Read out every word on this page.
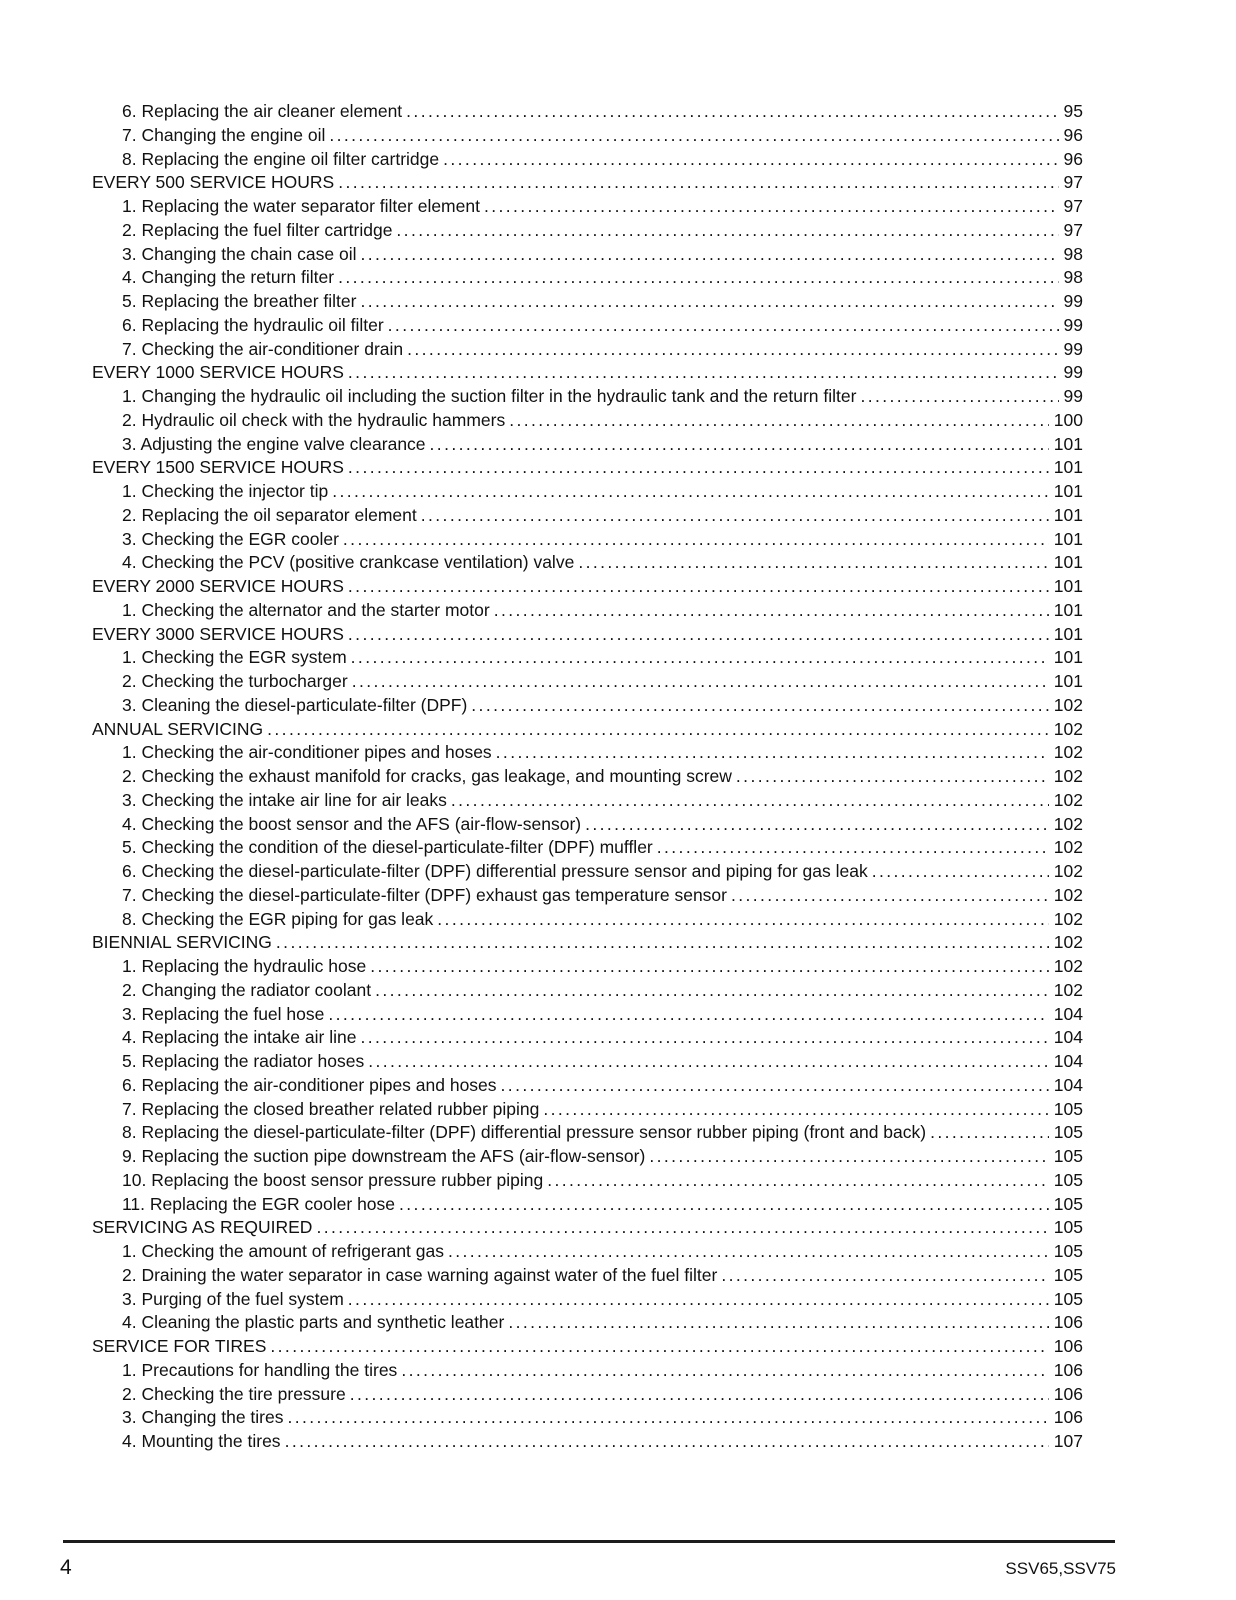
6. Replacing the air cleaner element .....	95
7. Changing the engine oil .....	96
8. Replacing the engine oil filter cartridge .....	96
EVERY 500 SERVICE HOURS .....	97
1. Replacing the water separator filter element .....	97
2. Replacing the fuel filter cartridge .....	97
3. Changing the chain case oil .....	98
4. Changing the return filter .....	98
5. Replacing the breather filter .....	99
6. Replacing the hydraulic oil filter .....	99
7. Checking the air-conditioner drain .....	99
EVERY 1000 SERVICE HOURS .....	99
1. Changing the hydraulic oil including the suction filter in the hydraulic tank and the return filter .....	99
2. Hydraulic oil check with the hydraulic hammers .....	100
3. Adjusting the engine valve clearance .....	101
EVERY 1500 SERVICE HOURS .....	101
1. Checking the injector tip .....	101
2. Replacing the oil separator element .....	101
3. Checking the EGR cooler .....	101
4. Checking the PCV (positive crankcase ventilation) valve .....	101
EVERY 2000 SERVICE HOURS .....	101
1. Checking the alternator and the starter motor .....	101
EVERY 3000 SERVICE HOURS .....	101
1. Checking the EGR system .....	101
2. Checking the turbocharger .....	101
3. Cleaning the diesel-particulate-filter (DPF) .....	102
ANNUAL SERVICING .....	102
1. Checking the air-conditioner pipes and hoses .....	102
2. Checking the exhaust manifold for cracks, gas leakage, and mounting screw .....	102
3. Checking the intake air line for air leaks .....	102
4. Checking the boost sensor and the AFS (air-flow-sensor) .....	102
5. Checking the condition of the diesel-particulate-filter (DPF) muffler .....	102
6. Checking the diesel-particulate-filter (DPF) differential pressure sensor and piping for gas leak .....	102
7. Checking the diesel-particulate-filter (DPF) exhaust gas temperature sensor .....	102
8. Checking the EGR piping for gas leak .....	102
BIENNIAL SERVICING .....	102
1. Replacing the hydraulic hose .....	102
2. Changing the radiator coolant .....	102
3. Replacing the fuel hose .....	104
4. Replacing the intake air line .....	104
5. Replacing the radiator hoses .....	104
6. Replacing the air-conditioner pipes and hoses .....	104
7. Replacing the closed breather related rubber piping .....	105
8. Replacing the diesel-particulate-filter (DPF) differential pressure sensor rubber piping (front and back) .....	105
9. Replacing the suction pipe downstream the AFS (air-flow-sensor) .....	105
10. Replacing the boost sensor pressure rubber piping .....	105
11. Replacing the EGR cooler hose .....	105
SERVICING AS REQUIRED .....	105
1. Checking the amount of refrigerant gas .....	105
2. Draining the water separator in case warning against water of the fuel filter .....	105
3. Purging of the fuel system .....	105
4. Cleaning the plastic parts and synthetic leather .....	106
SERVICE FOR TIRES .....	106
1. Precautions for handling the tires .....	106
2. Checking the tire pressure .....	106
3. Changing the tires .....	106
4. Mounting the tires .....	107
4	SSV65,SSV75
